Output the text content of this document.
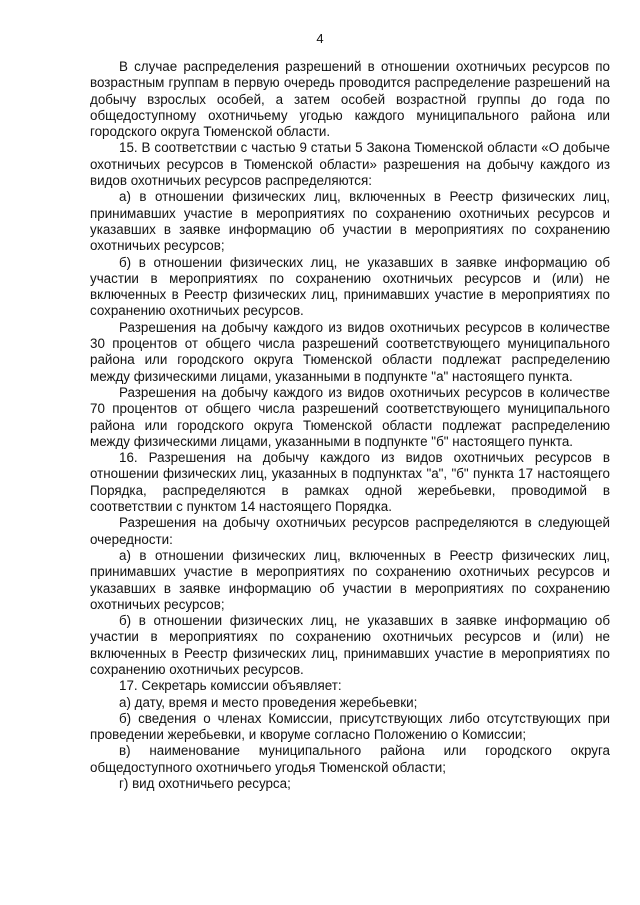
4

В случае распределения разрешений в отношении охотничьих ресурсов по возрастным группам в первую очередь проводится распределение разрешений на добычу взрослых особей, а затем особей возрастной группы до года по общедоступному охотничьему угодью каждого муниципального района или городского округа Тюменской области.

15. В соответствии с частью 9 статьи 5 Закона Тюменской области «О добыче охотничьих ресурсов в Тюменской области» разрешения на добычу каждого из видов охотничьих ресурсов распределяются:

а) в отношении физических лиц, включенных в Реестр физических лиц, принимавших участие в мероприятиях по сохранению охотничьих ресурсов и указавших в заявке информацию об участии в мероприятиях по сохранению охотничьих ресурсов;

б) в отношении физических лиц, не указавших в заявке информацию об участии в мероприятиях по сохранению охотничьих ресурсов и (или) не включенных в Реестр физических лиц, принимавших участие в мероприятиях по сохранению охотничьих ресурсов.

Разрешения на добычу каждого из видов охотничьих ресурсов в количестве 30 процентов от общего числа разрешений соответствующего муниципального района или городского округа Тюменской области подлежат распределению между физическими лицами, указанными в подпункте "а" настоящего пункта.

Разрешения на добычу каждого из видов охотничьих ресурсов в количестве 70 процентов от общего числа разрешений соответствующего муниципального района или городского округа Тюменской области подлежат распределению между физическими лицами, указанными в подпункте "б" настоящего пункта.

16. Разрешения на добычу каждого из видов охотничьих ресурсов в отношении физических лиц, указанных в подпунктах "а", "б" пункта 17 настоящего Порядка, распределяются в рамках одной жеребьевки, проводимой в соответствии с пунктом 14 настоящего Порядка.

Разрешения на добычу охотничьих ресурсов распределяются в следующей очередности:

а) в отношении физических лиц, включенных в Реестр физических лиц, принимавших участие в мероприятиях по сохранению охотничьих ресурсов и указавших в заявке информацию об участии в мероприятиях по сохранению охотничьих ресурсов;

б) в отношении физических лиц, не указавших в заявке информацию об участии в мероприятиях по сохранению охотничьих ресурсов и (или) не включенных в Реестр физических лиц, принимавших участие в мероприятиях по сохранению охотничьих ресурсов.

17. Секретарь комиссии объявляет:

а) дату, время и место проведения жеребьевки;

б) сведения о членах Комиссии, присутствующих либо отсутствующих при проведении жеребьевки, и кворуме согласно Положению о Комиссии;

в) наименование муниципального района или городского округа общедоступного охотничьего угодья Тюменской области;

г) вид охотничьего ресурса;
